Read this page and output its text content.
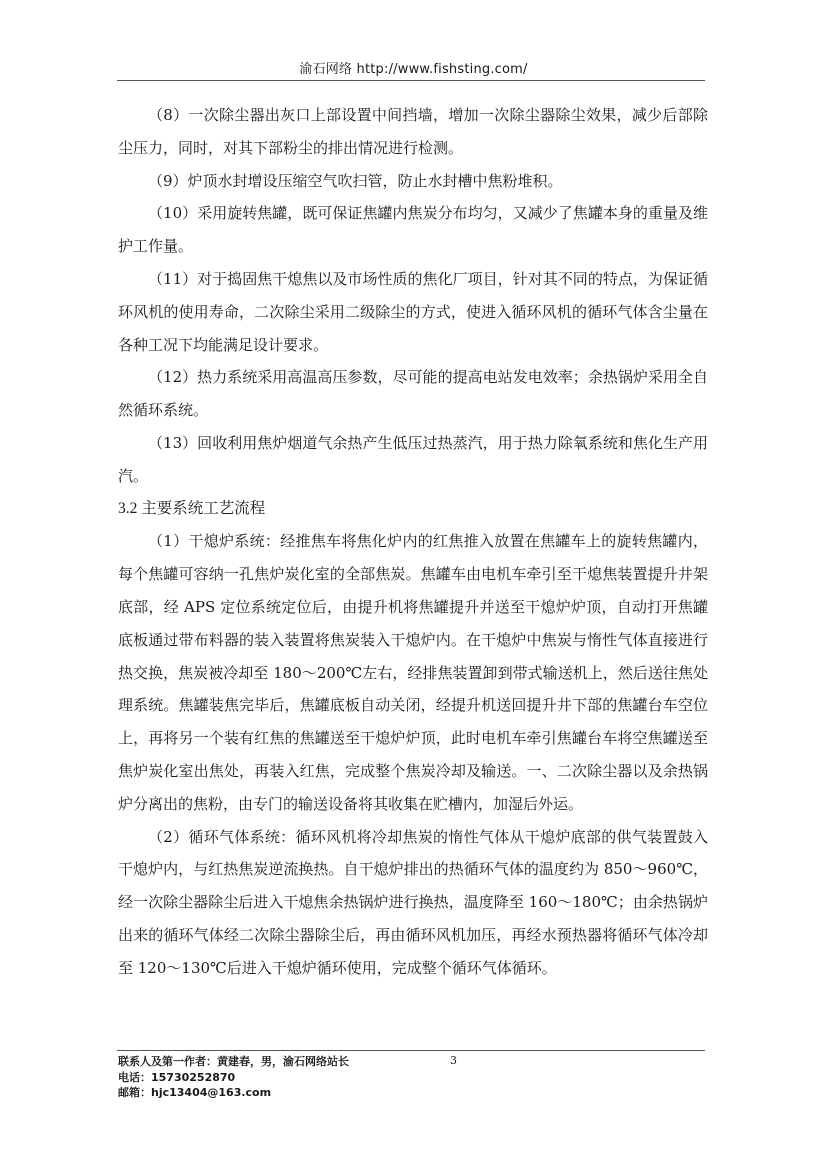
渝石网络 http://www.fishsting.com/

（8）一次除尘器出灰口上部设置中间挡墙，增加一次除尘器除尘效果，减少后部除尘压力，同时，对其下部粉尘的排出情况进行检测。

（9）炉顶水封增设压缩空气吹扫管，防止水封槽中焦粉堆积。

（10）采用旋转焦罐，既可保证焦罐内焦炭分布均匀，又减少了焦罐本身的重量及维护工作量。

（11）对于捣固焦干熄焦以及市场性质的焦化厂项目，针对其不同的特点，为保证循环风机的使用寿命，二次除尘采用二级除尘的方式，使进入循环风机的循环气体含尘量在各种工况下均能满足设计要求。

（12）热力系统采用高温高压参数，尽可能的提高电站发电效率；余热锅炉采用全自然循环系统。

（13）回收利用焦炉烟道气余热产生低压过热蒸汽，用于热力除氧系统和焦化生产用汽。

3.2 主要系统工艺流程

（1）干熄炉系统：经推焦车将焦化炉内的红焦推入放置在焦罐车上的旋转焦罐内，每个焦罐可容纳一孔焦炉炭化室的全部焦炭。焦罐车由电机车牵引至干熄焦装置提升井架底部，经 APS 定位系统定位后，由提升机将焦罐提升并送至干熄炉炉顶，自动打开焦罐底板通过带布料器的装入装置将焦炭装入干熄炉内。在干熄炉中焦炭与惰性气体直接进行热交换，焦炭被冷却至 180～200℃左右，经排焦装置卸到带式输送机上，然后送往焦处理系统。焦罐装焦完毕后，焦罐底板自动关闭，经提升机送回提升井下部的焦罐台车空位上，再将另一个装有红焦的焦罐送至干熄炉炉顶，此时电机车牵引焦罐台车将空焦罐送至焦炉炭化室出焦处，再装入红焦，完成整个焦炭冷却及输送。一、二次除尘器以及余热锅炉分离出的焦粉，由专门的输送设备将其收集在贮槽内，加湿后外运。

（2）循环气体系统：循环风机将冷却焦炭的惰性气体从干熄炉底部的供气装置鼓入干熄炉内，与红热焦炭逆流换热。自干熄炉排出的热循环气体的温度约为 850～960℃，经一次除尘器除尘后进入干熄焦余热锅炉进行换热，温度降至 160～180℃；由余热锅炉出来的循环气体经二次除尘器除尘后，再由循环风机加压，再经水预热器将循环气体冷却至 120～130℃后进入干熄炉循环使用，完成整个循环气体循环。

联系人及第一作者：黄建春，男，渝石网络站长
电话：15730252870
邮箱：hjc13404@163.com
3
